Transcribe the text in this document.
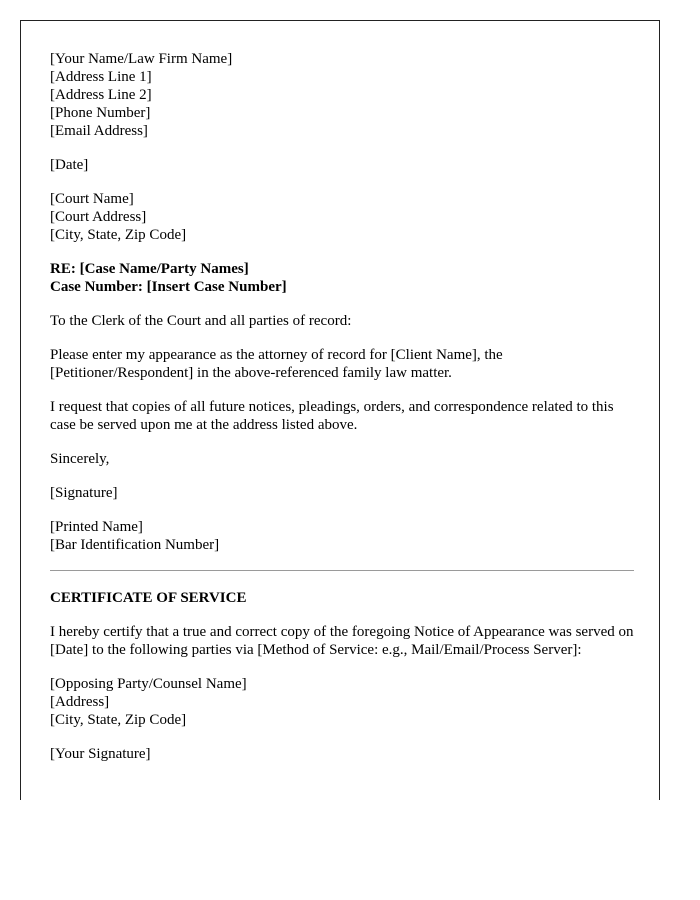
[Your Name/Law Firm Name]
[Address Line 1]
[Address Line 2]
[Phone Number]
[Email Address]
[Date]
[Court Name]
[Court Address]
[City, State, Zip Code]
RE: [Case Name/Party Names]
Case Number: [Insert Case Number]

To the Clerk of the Court and all parties of record:

Please enter my appearance as the attorney of record for [Client Name], the [Petitioner/Respondent] in the above-referenced family law matter.

I request that copies of all future notices, pleadings, orders, and correspondence related to this case be served upon me at the address listed above.

Sincerely,

[Signature]

[Printed Name]
[Bar Identification Number]
CERTIFICATE OF SERVICE

I hereby certify that a true and correct copy of the foregoing Notice of Appearance was served on [Date] to the following parties via [Method of Service: e.g., Mail/Email/Process Server]:

[Opposing Party/Counsel Name]
[Address]
[City, State, Zip Code]

[Your Signature]
